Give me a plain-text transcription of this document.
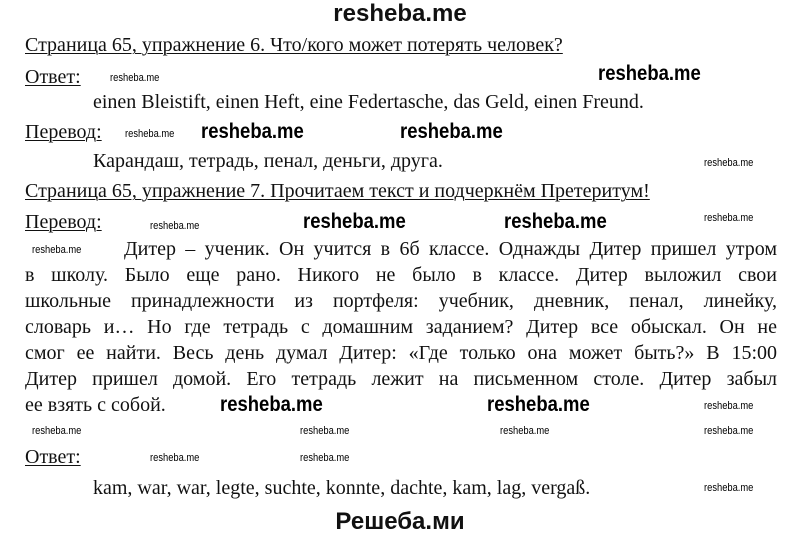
resheba.me
Страница 65, упражнение 6. Что/кого может потерять человек?
Ответ:
einen Bleistift, einen Heft, eine Federtasche, das Geld, einen Freund.
Перевод:
Карандаш, тетрадь, пенал, деньги, друга.
Страница 65, упражнение 7. Прочитаем текст и подчеркнём Претеритум!
Перевод:
Дитер – ученик. Он учится в 6б классе. Однажды Дитер пришел утром
в школу. Было еще рано. Никого не было в классе. Дитер выложил свои
школьные принадлежности из портфеля: учебник, дневник, пенал, линейку,
словарь и… Но где тетрадь с домашним заданием? Дитер все обыскал. Он не
смог ее найти. Весь день думал Дитер: «Где только она может быть?» В 15:00
Дитер пришел домой. Его тетрадь лежит на письменном столе. Дитер забыл
ее взять с собой.
Ответ:
kam, war, war, legte, suchte, konnte, dachte, kam, lag, vergaß.
Решеба.ми
resheba.me
resheba.me	resheba.me
resheba.me	resheba.me
resheba.me	resheba.me
resheba.me
resheba.me
resheba.me
resheba.me
resheba.me
resheba.me
resheba.me
resheba.me	resheba.me	resheba.me
resheba.me
resheba.me
resheba.me
resheba.me
